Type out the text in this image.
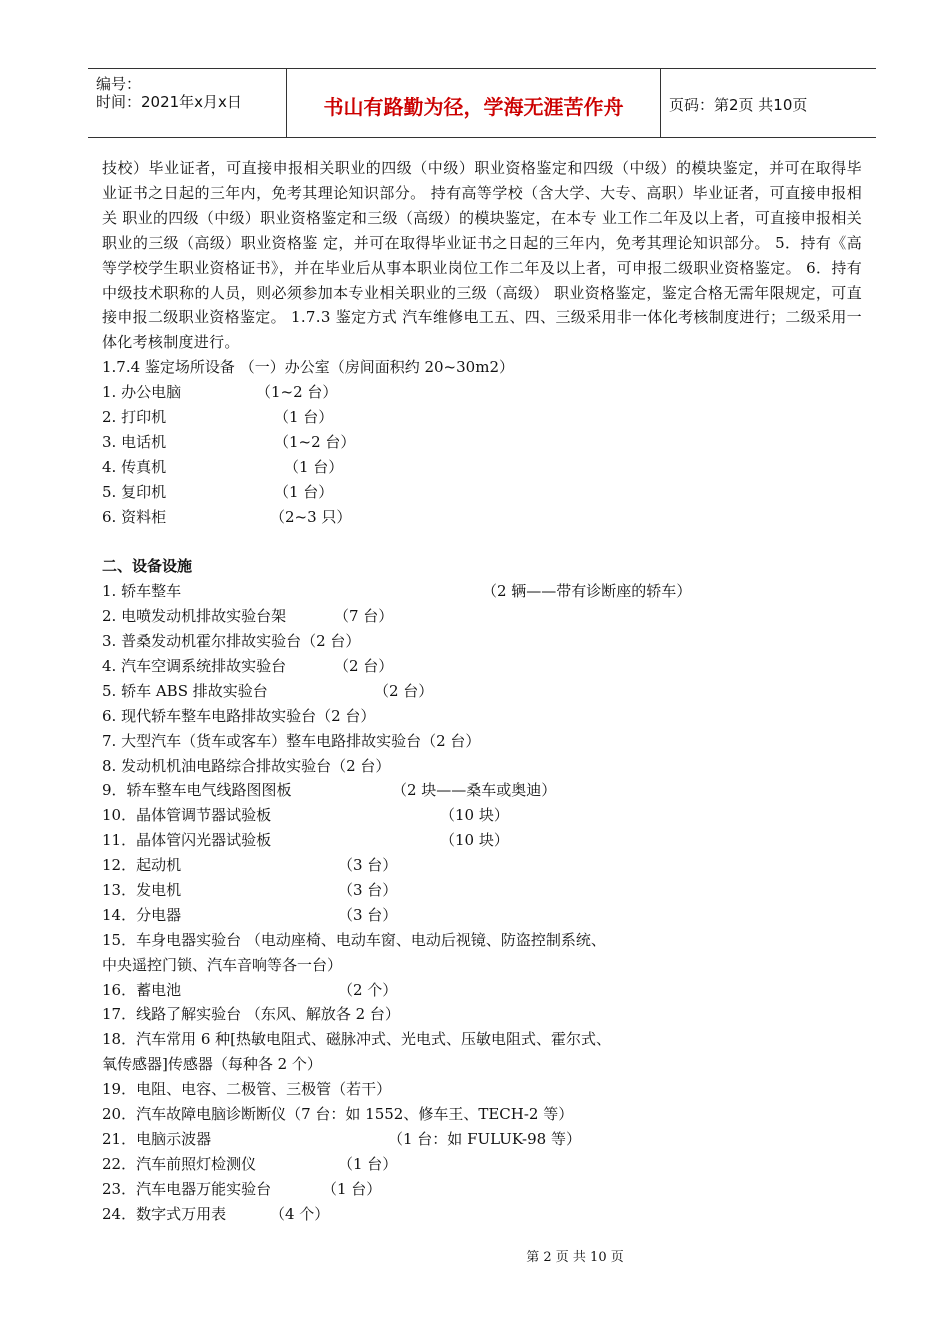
编号：
时间：2021年x月x日	书山有路勤为径，学海无涯苦作舟	页码：第2页 共10页

技校）毕业证者，可直接申报相关职业的四级（中级）职业资格鉴定和四级（中级）的模块鉴定，并可在取得毕业证书之日起的三年内，免考其理论知识部分。 持有高等学校（含大学、大专、高职）毕业证者，可直接申报相关 职业的四级（中级）职业资格鉴定和三级（高级）的模块鉴定，在本专 业工作二年及以上者，可直接申报相关职业的三级（高级）职业资格鉴 定，并可在取得毕业证书之日起的三年内，免考其理论知识部分。 5．持有《高等学校学生职业资格证书》，并在毕业后从事本职业岗位工作二年及以上者，可申报二级职业资格鉴定。 6．持有中级技术职称的人员，则必须参加本专业相关职业的三级（高级） 职业资格鉴定，鉴定合格无需年限规定，可直接申报二级职业资格鉴定。 1.7.3 鉴定方式 汽车维修电工五、四、三级采用非一体化考核制度进行；二级采用一体化考核制度进行。

1.7.4 鉴定场所设备 （一）办公室（房间面积约 20~30m2）
1. 办公电脑	（1~2 台）
2. 打印机	（1 台）
3. 电话机	（1~2 台）
4. 传真机	（1 台）
5. 复印机	（1 台）
6. 资料柜	（2~3 只）
二、设备设施
1. 轿车整车	（2 辆——带有诊断座的轿车）
2. 电喷发动机排故实验台架	（7 台）
3. 普桑发动机霍尔排故实验台（2 台）
4. 汽车空调系统排故实验台	（2 台）
5. 轿车 ABS 排故实验台	（2 台）
6. 现代轿车整车电路排故实验台（2 台）
7. 大型汽车（货车或客车）整车电路排故实验台（2 台）
8. 发动机机油电路综合排故实验台（2 台）
9．轿车整车电气线路图图板	（2 块——桑车或奥迪）
10．晶体管调节器试验板	（10 块）
11．晶体管闪光器试验板	（10 块）
12．起动机	（3 台）
13．发电机	（3 台）
14．分电器	（3 台）
15．车身电器实验台 （电动座椅、电动车窗、电动后视镜、防盗控制系统、
中央遥控门锁、汽车音响等各一台）
16．蓄电池	（2 个）
17．线路了解实验台 （东风、解放各 2 台）
18．汽车常用 6 种[热敏电阻式、磁脉冲式、光电式、压敏电阻式、霍尔式、
氧传感器]传感器（每种各 2 个）
19．电阻、电容、二极管、三极管（若干）
20．汽车故障电脑诊断断仪（7 台：如 1552、修车王、TECH-2 等）
21．电脑示波器	（1 台：如 FULUK-98 等）
22．汽车前照灯检测仪	（1 台）
23．汽车电器万能实验台	（1 台）
24．数字式万用表	（4 个）
第 2 页 共 10 页
